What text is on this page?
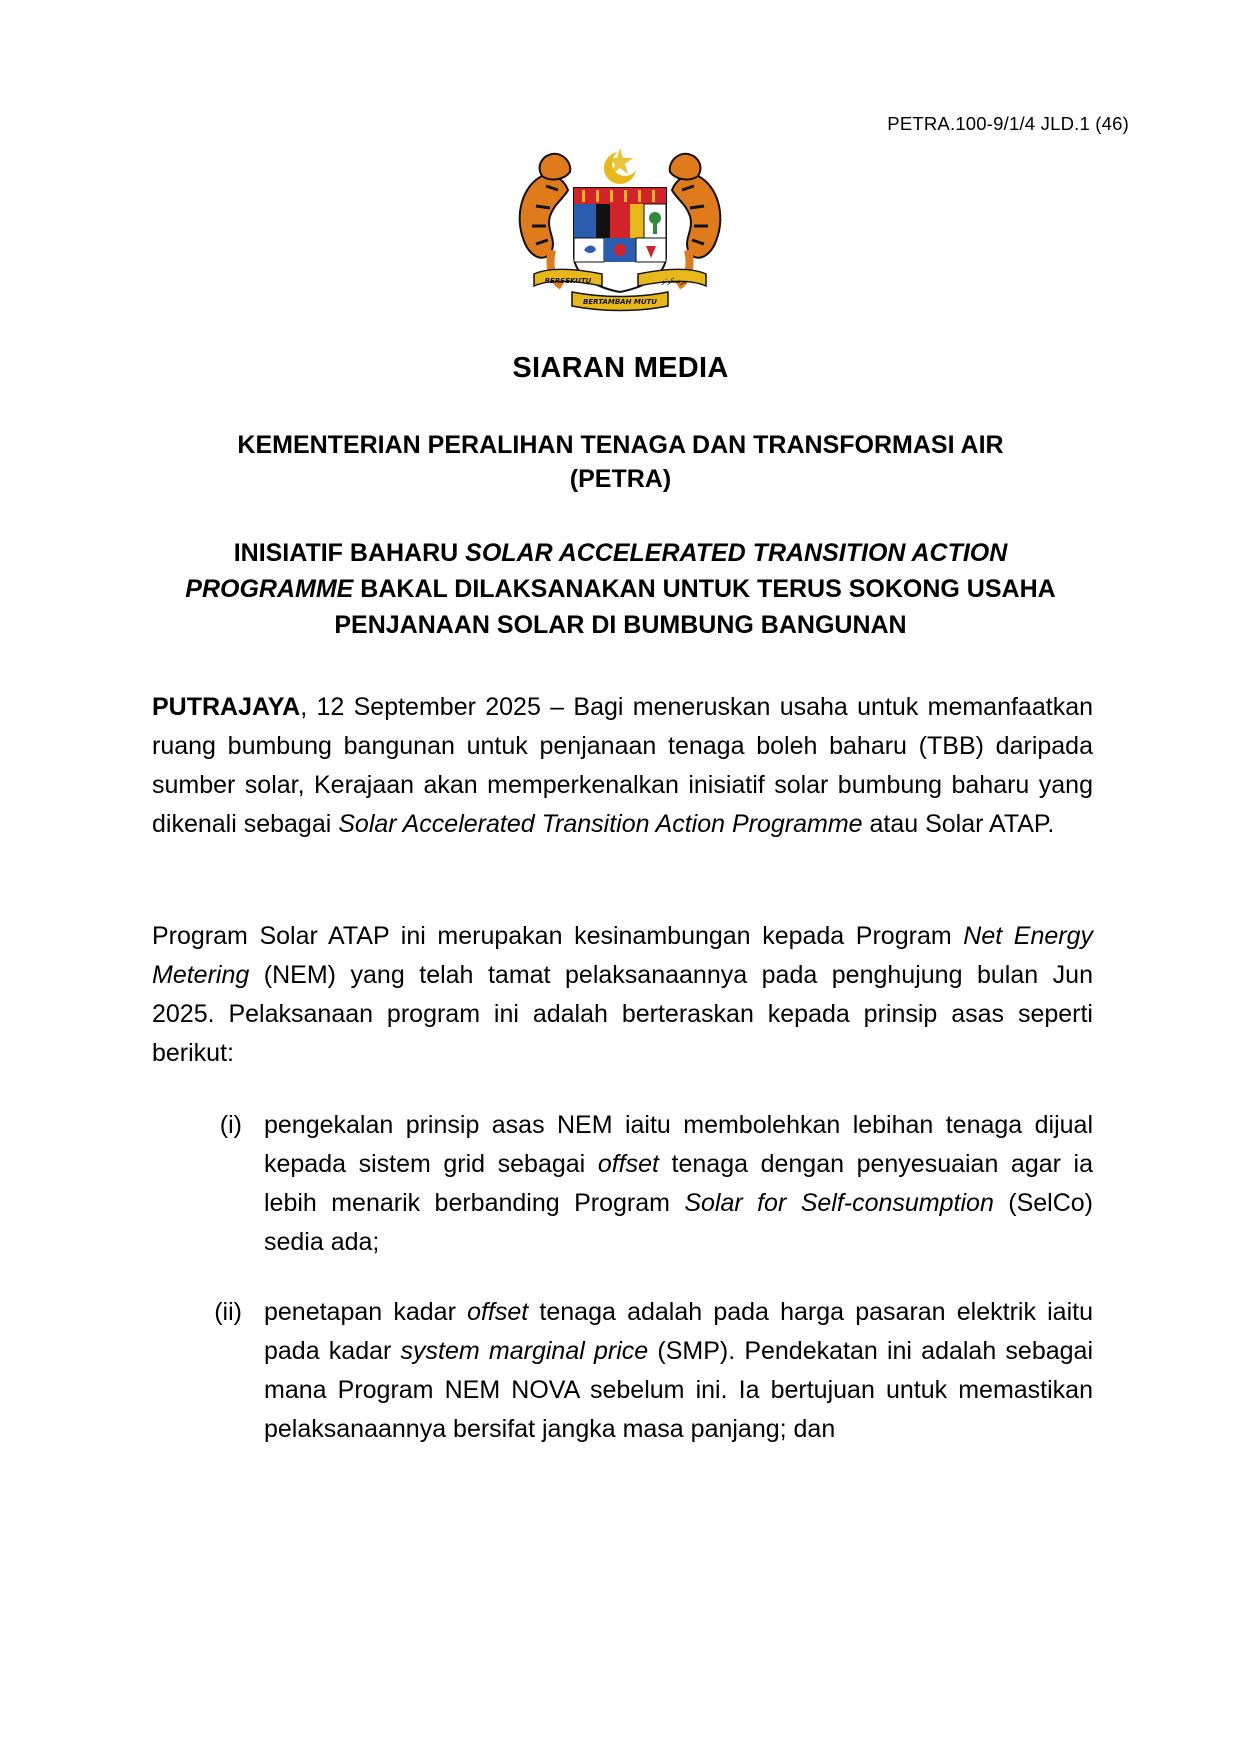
PETRA.100-9/1/4 JLD.1 (46)
BERSEKUTU
BERTAMBAH MUTU
برسکوتو
SIARAN MEDIA
KEMENTERIAN PERALIHAN TENAGA DAN TRANSFORMASI AIR
(PETRA)
INISIATIF BAHARU SOLAR ACCELERATED TRANSITION ACTION PROGRAMME BAKAL DILAKSANAKAN UNTUK TERUS SOKONG USAHA PENJANAAN SOLAR DI BUMBUNG BANGUNAN
PUTRAJAYA, 12 September 2025 – Bagi meneruskan usaha untuk memanfaatkan ruang bumbung bangunan untuk penjanaan tenaga boleh baharu (TBB) daripada sumber solar, Kerajaan akan memperkenalkan inisiatif solar bumbung baharu yang dikenali sebagai Solar Accelerated Transition Action Programme atau Solar ATAP.
Program Solar ATAP ini merupakan kesinambungan kepada Program Net Energy Metering (NEM) yang telah tamat pelaksanaannya pada penghujung bulan Jun 2025. Pelaksanaan program ini adalah berteraskan kepada prinsip asas seperti berikut:
(i) pengekalan prinsip asas NEM iaitu membolehkan lebihan tenaga dijual kepada sistem grid sebagai offset tenaga dengan penyesuaian agar ia lebih menarik berbanding Program Solar for Self-consumption (SelCo) sedia ada;
(ii) penetapan kadar offset tenaga adalah pada harga pasaran elektrik iaitu pada kadar system marginal price (SMP). Pendekatan ini adalah sebagai mana Program NEM NOVA sebelum ini. Ia bertujuan untuk memastikan pelaksanaannya bersifat jangka masa panjang; dan
